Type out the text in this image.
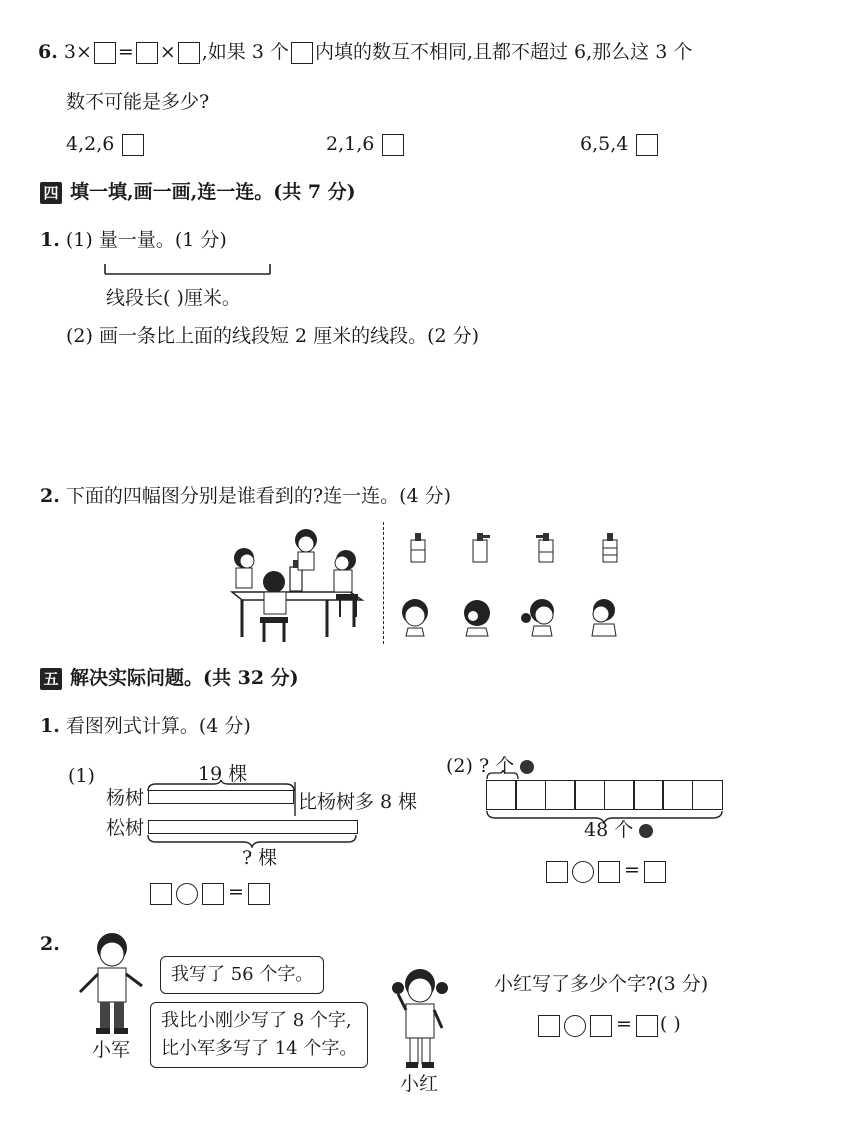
6. 3× = × ,如果 3 个 内填的数互不相同,且都不超过 6,那么这 3 个
数不可能是多少?
4,2,6	2,1,6	6,5,4
四 填一填,画一画,连一连。(共 7 分)
1. (1) 量一量。(1 分)
线段长( )厘米。
(2) 画一条比上面的线段短 2 厘米的线段。(2 分)
2. 下面的四幅图分别是谁看到的?连一连。(4 分)
五 解决实际问题。(共 32 分)
1. 看图列式计算。(4 分)
(1)	19 棵
杨树	比杨树多 8 棵
松树
? 棵
=
(2) ? 个
48 个
=
2.
小军
我写了 56 个字。
我比小刚少写了 8 个字,
比小军多写了 14 个字。
小红
小红写了多少个字?(3 分)
= ( )
